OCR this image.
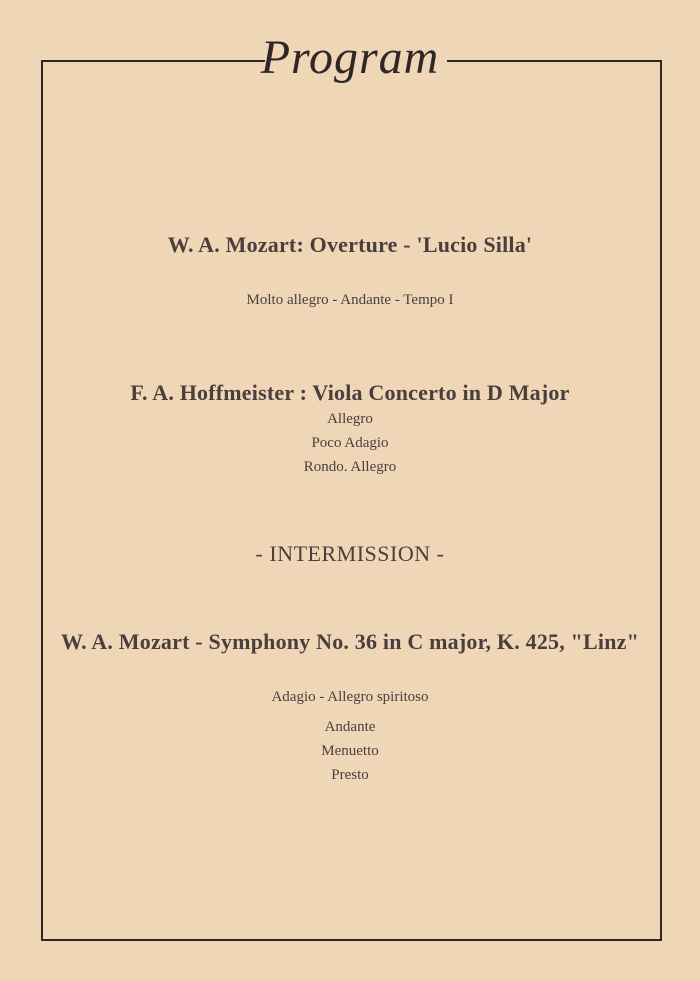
Program
W. A. Mozart: Overture - 'Lucio Silla'
Molto allegro - Andante - Tempo I
F. A. Hoffmeister : Viola Concerto in D Major
Allegro
Poco Adagio
Rondo. Allegro
- INTERMISSION -
W. A. Mozart - Symphony No. 36 in C major, K. 425, "Linz"
Adagio - Allegro spiritoso
Andante
Menuetto
Presto
